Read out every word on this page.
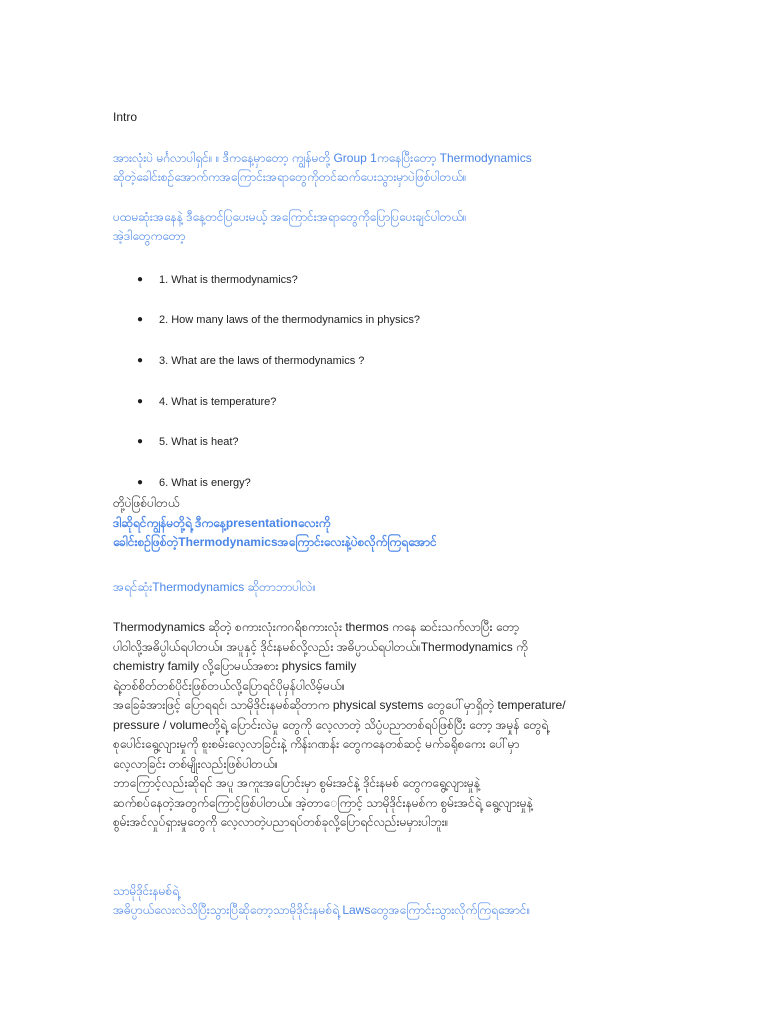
Intro
အားလုံးပဲ မင်္ဂလာပါရှင်။ ။ ဒီကနေ့မှာတော့ ကျွန်မတို့ Group 1ကနေပြီးတော့ Thermodynamics
ဆိုတဲ့ခေါင်းစဉ်အောက်ကအကြောင်းအရာတွေကိုတင်ဆက်ပေးသွားမှာပဲဖြစ်ပါတယ်။
ပထမဆုံးအနေနဲ့ ဒီနေ့တင်ပြပေးမယ့် အကြောင်းအရာတွေကိုပြောပြပေးချင်ပါတယ်။
အဲ့ဒါတွေကတော့
● 1. What is thermodynamics?
● 2. How many laws of the thermodynamics in physics?
● 3. What are the laws of thermodynamics ?
● 4. What is temperature?
● 5. What is heat?
● 6. What is energy?
တို့ပဲဖြစ်ပါတယ်
ဒါဆိုရင်ကျွန်မတို့ရဲ့ ဒီကနေ့presentationလေးကို
ခေါင်းစဉ်ဖြစ်တဲ့Thermodynamicsအကြောင်းလေးနဲ့ပဲစလိုက်ကြရအောင်
အရင်ဆုံးThermodynamics ဆိုတာဘာပါလဲ။
Thermodynamics ဆိုတဲ့ စကားလုံးကဂရိစကားလုံး thermos ကနေ ဆင်းသက်လာပြီး တော့
ပါဝါလို့အဓိပ္ပါယ်ရပါတယ်။ အပူနှင့် ဒိုင်းနမစ်လို့လည်း အဓိပ္ပာယ်ရပါတယ်။Thermodynamics ကို
chemistry family လို့ပြောမယ်အစား physics family
ရဲ့တစ်စိတ်တစ်ပိုင်းဖြစ်တယ်လို့ပြောရင်ပိုမှန်ပါလိမ့်မယ်။
အခြေခံအားဖြင့် ပြောရရင်၊ သာမိုဒိုင်းနမစ်ဆိုတာက physical systems တွေပေါ်မှာရှိတဲ့ temperature/
pressure / volumeတို့ရဲ့ ပြောင်းလဲမှု တွေကို လေ့လာတဲ့ သိပ္ပံပညာတစ်ရပ်ဖြစ်ပြီး တော့ အမှုန် တွေရဲ့
စုပေါင်းရွေ့လျားမှုကို စူးစမ်းလေ့လာခြင်းနဲ့ ကိန်းဂဏန်း တွေကနေတစ်ဆင့် မက်ခရိုစကေး ပေါ်မှာ
လေ့လာခြင်း တစ်မျိုးလည်းဖြစ်ပါတယ်။
ဘာကြောင့်လည်းဆိုရင် အပူ အကူးအပြောင်းမှာ စွမ်းအင်နဲ့ ဒိုင်းနမစ် တွေကရွေ့လျားမှုနဲ့
ဆက်စပ်နေတဲ့အတွက်ကြောင့်ဖြစ်ပါတယ်။ အဲ့တာေကြာင့် သာမိုဒိုင်းနမစ်က စွမ်းအင်ရဲ့ ရွေ့လျားမှုနဲ့
စွမ်းအင်လှုပ်ရှားမှုတွေကို လေ့လာတဲ့ပညာရပ်တစ်ခုလို့ပြောရင်လည်းမမှားပါဘူး။
သာမိုဒိုင်းနမစ်ရဲ့
အဓိပ္ပာယ်လေးလဲသိပြီးသွားပြီဆိုတော့သာမိုဒိုင်းနမစ်ရဲ့ Lawsတွေအကြောင်းသွားလိုက်ကြရအောင်။
